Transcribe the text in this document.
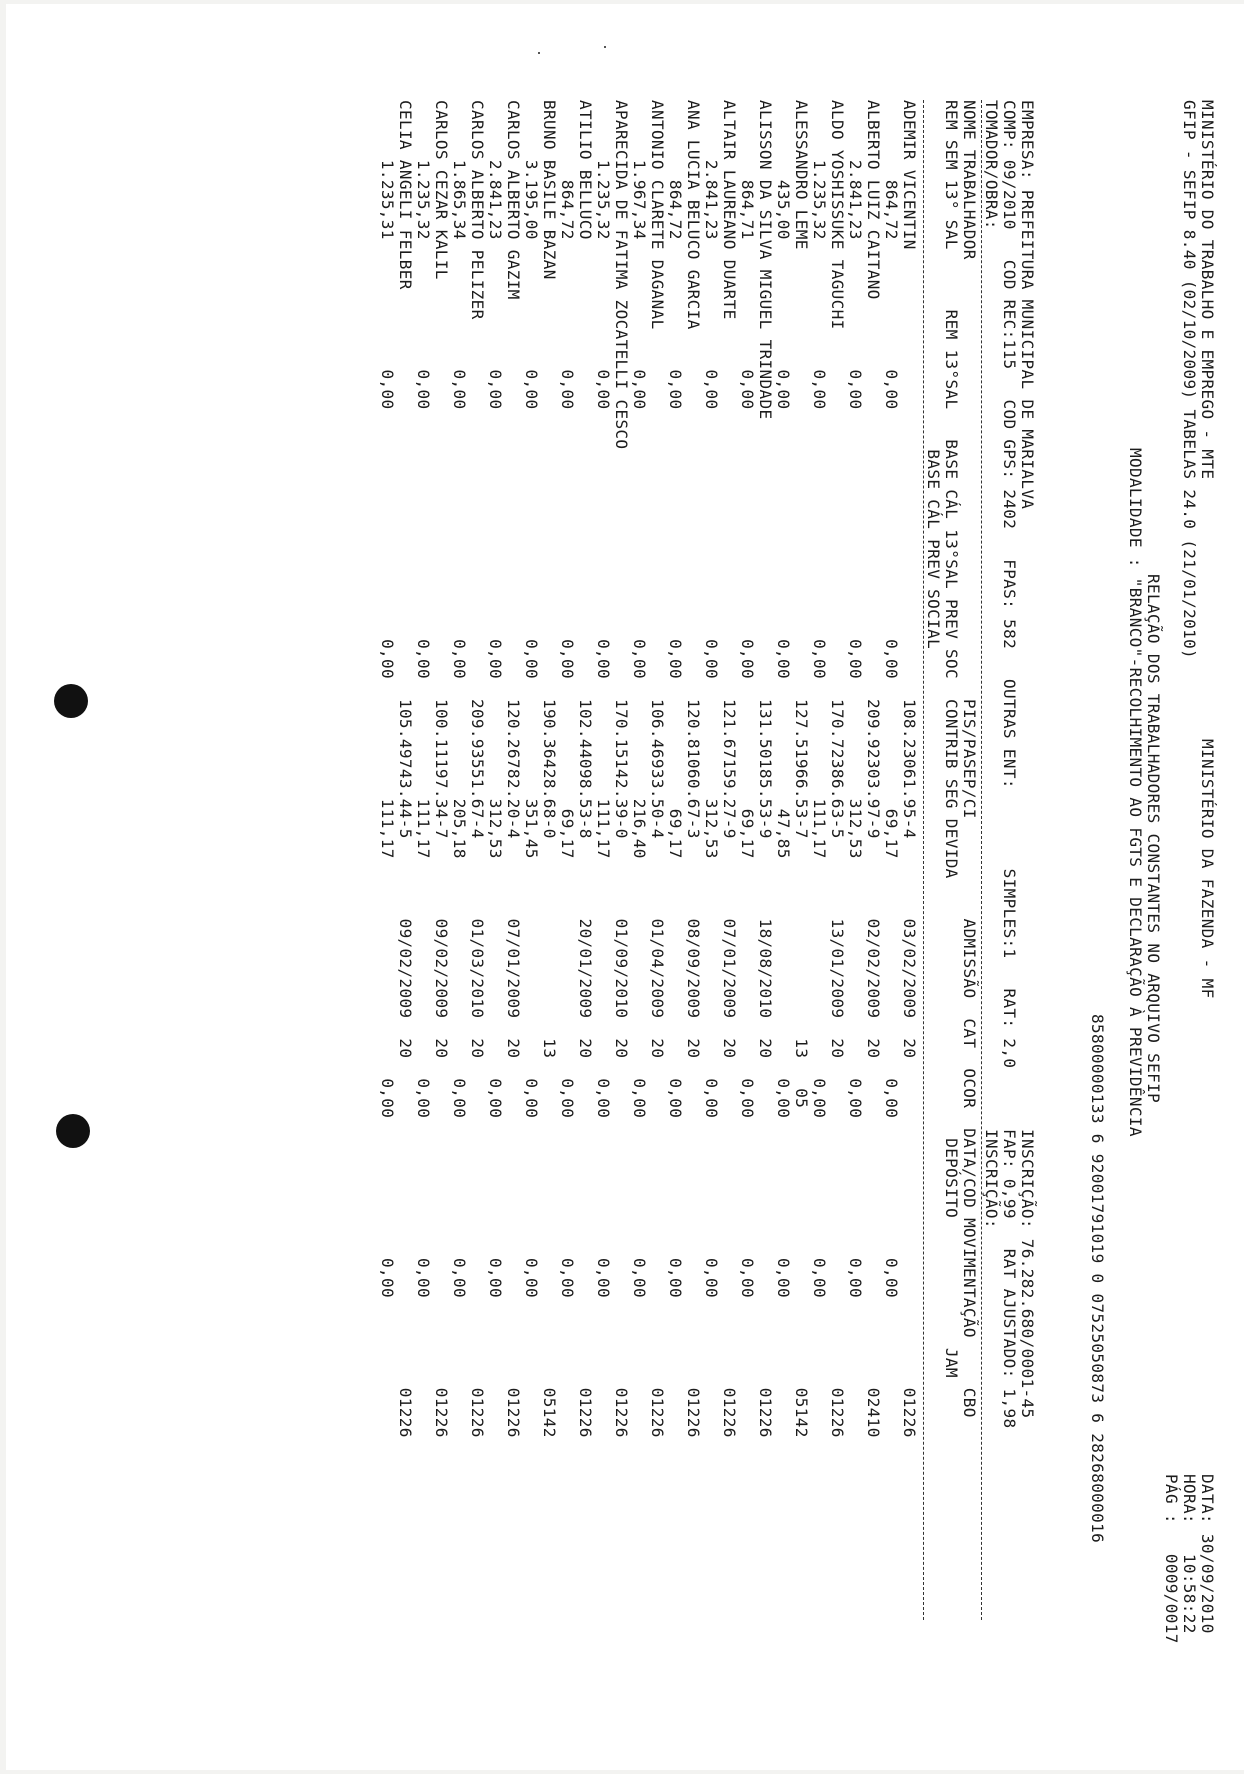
MINISTÉRIO DO TRABALHO E EMPREGO - MTE
MINISTÉRIO DA FAZENDA - MF
DATA: 30/09/2010
GFIP - SEFIP 8.40 (02/10/2009) TABELAS 24.0 (21/01/2010)
HORA:   10:58:22
PÁG :   0009/0017
RELAÇÃO DOS TRABALHADORES CONSTANTES NO ARQUIVO SEFIP
MODALIDADE : "BRANCO"-RECOLHIMENTO AO FGTS E DECLARAÇÃO À PREVIDÊNCIA
85800000133 6 92001791019 0 07525050873 6 28268000016
EMPRESA: PREFEITURA MUNICIPAL DE MARIALVA
INSCRIÇÃO: 76.282.680/0001-45
COMP: 09/2010   COD REC:115   COD GPS: 2402   FPAS: 582   OUTRAS ENT:        SIMPLES:1   RAT: 2,0
FAP: 0,99   RAT AJUSTADO: 1,98
TOMADOR/OBRA:
INSCRIÇÃO:
NOME TRABALHADOR                                            PIS/PASEP/CI          ADMISSÃO  CAT  OCOR  DATA/COD MOVIMENTAÇÃO     CBO
REM SEM 13° SAL      REM 13°SAL   BASE CÁL 13°SAL PREV SOC  CONTRIB SEG DEVIDA                          DEPÓSITO             JAM
BASE CÁL PREV SOCIAL
ADEMIR VICENTIN                                             108.23061.95-4        03/02/2009  20                                 01226
864,72             0,00                       0,00             69,17                      0,00              0,00
ALBERTO LUIZ CAITANO                                        209.92303.97-9        02/02/2009  20                                 02410
2.841,23             0,00                       0,00            312,53                      0,00              0,00
ALDO YOSHISSUKE TAGUCHI                                     170.72386.63-5        13/01/2009  20                                 01226
1.235,32             0,00                       0,00            111,17                      0,00              0,00
ALESSANDRO LEME                                             127.51966.53-7                    13   05                            05142
435,00             0,00                       0,00             47,85                      0,00              0,00
ALISSON DA SILVA MIGUEL TRINDADE                            131.50185.53-9        18/08/2010  20                                 01226
864,71             0,00                       0,00             69,17                      0,00              0,00
ALTAIR LAUREANO DUARTE                                      121.67159.27-9        07/01/2009  20                                 01226
2.841,23             0,00                       0,00            312,53                      0,00              0,00
ANA LUCIA BELUCO GARCIA                                     120.81060.67-3        08/09/2009  20                                 01226
864,72             0,00                       0,00             69,17                      0,00              0,00
ANTONIO CLARETE DAGANAL                                     106.46933.50-4        01/04/2009  20                                 01226
1.967,34             0,00                       0,00            216,40                      0,00              0,00
APARECIDA DE FATIMA ZOCATELLI CESCO                         170.15142.39-0        01/09/2010  20                                 01226
1.235,32             0,00                       0,00            111,17                      0,00              0,00
ATILIO BELLUCO                                              102.44098.53-8        20/01/2009  20                                 01226
864,72             0,00                       0,00             69,17                      0,00              0,00
BRUNO BASILE BAZAN                                          190.36428.68-0                    13                                 05142
3.195,00             0,00                       0,00            351,45                      0,00              0,00
CARLOS ALBERTO GAZIM                                        120.26782.20-4        07/01/2009  20                                 01226
2.841,23             0,00                       0,00            312,53                      0,00              0,00
CARLOS ALBERTO PELIZER                                      209.93551.67-4        01/03/2010  20                                 01226
1.865,34             0,00                       0,00            205,18                      0,00              0,00
CARLOS CEZAR KALIL                                          100.11197.34-7        09/02/2009  20                                 01226
1.235,32             0,00                       0,00            111,17                      0,00              0,00
CELIA ANGELI FELBER                                         105.49743.44-5        09/02/2009  20                                 01226
1.235,31             0,00                       0,00            111,17                      0,00              0,00
